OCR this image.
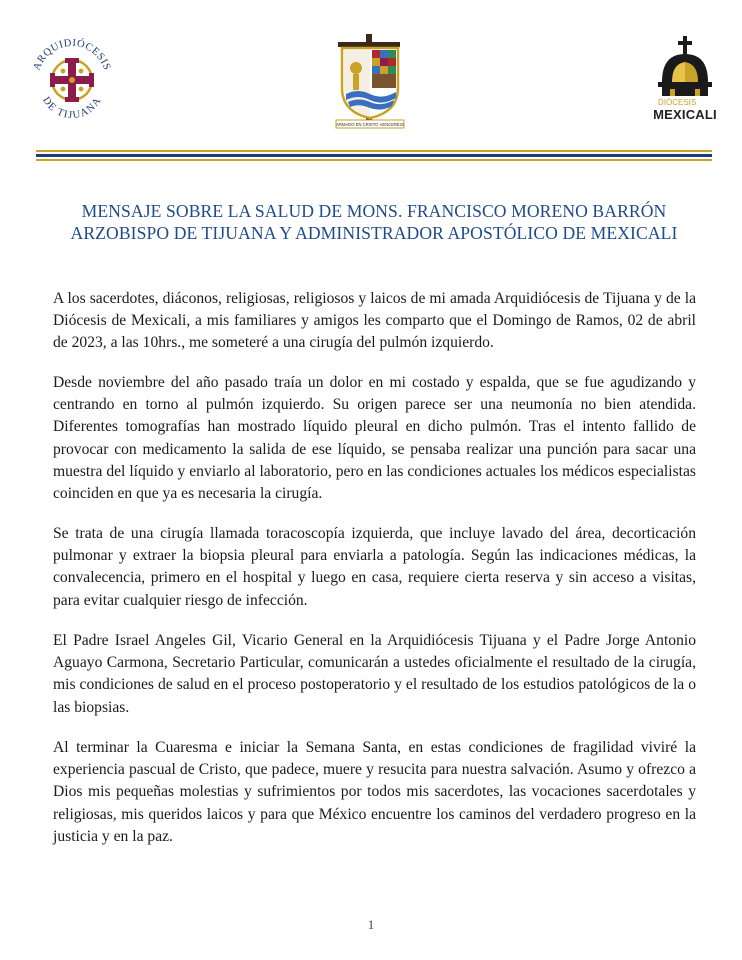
ARQUIDIÓCESIS
DE TIJUANA
ARMADO EN CRISTO VENCERÉIS
DIÓCESIS
MEXICALI
MENSAJE SOBRE LA SALUD DE MONS. FRANCISCO MORENO BARRÓN
ARZOBISPO DE TIJUANA Y ADMINISTRADOR APOSTÓLICO DE MEXICALI

A los sacerdotes, diáconos, religiosas, religiosos y laicos de mi amada Arquidiócesis de Tijuana y de la Diócesis de Mexicali, a mis familiares y amigos les comparto que el Domingo de Ramos, 02 de abril de 2023, a las 10hrs., me someteré a una cirugía del pulmón izquierdo.

Desde noviembre del año pasado traía un dolor en mi costado y espalda, que se fue agudizando y centrando en torno al pulmón izquierdo. Su origen parece ser una neumonía no bien atendida. Diferentes tomografías han mostrado líquido pleural en dicho pulmón. Tras el intento fallido de provocar con medicamento la salida de ese líquido, se pensaba realizar una punción para sacar una muestra del líquido y enviarlo al laboratorio, pero en las condiciones actuales los médicos especialistas coinciden en que ya es necesaria la cirugía.

Se trata de una cirugía llamada toracoscopía izquierda, que incluye lavado del área, decorticación pulmonar y extraer la biopsia pleural para enviarla a patología. Según las indicaciones médicas, la convalecencia, primero en el hospital y luego en casa, requiere cierta reserva y sin acceso a visitas, para evitar cualquier riesgo de infección.

El Padre Israel Angeles Gil, Vicario General en la Arquidiócesis Tijuana y el Padre Jorge Antonio Aguayo Carmona, Secretario Particular, comunicarán a ustedes oficialmente el resultado de la cirugía, mis condiciones de salud en el proceso postoperatorio y el resultado de los estudios patológicos de la o las biopsias.

Al terminar la Cuaresma e iniciar la Semana Santa, en estas condiciones de fragilidad viviré la experiencia pascual de Cristo, que padece, muere y resucita para nuestra salvación. Asumo y ofrezco a Dios mis pequeñas molestias y sufrimientos por todos mis sacerdotes, las vocaciones sacerdotales y religiosas, mis queridos laicos y para que México encuentre los caminos del verdadero progreso en la justicia y en la paz.

1
